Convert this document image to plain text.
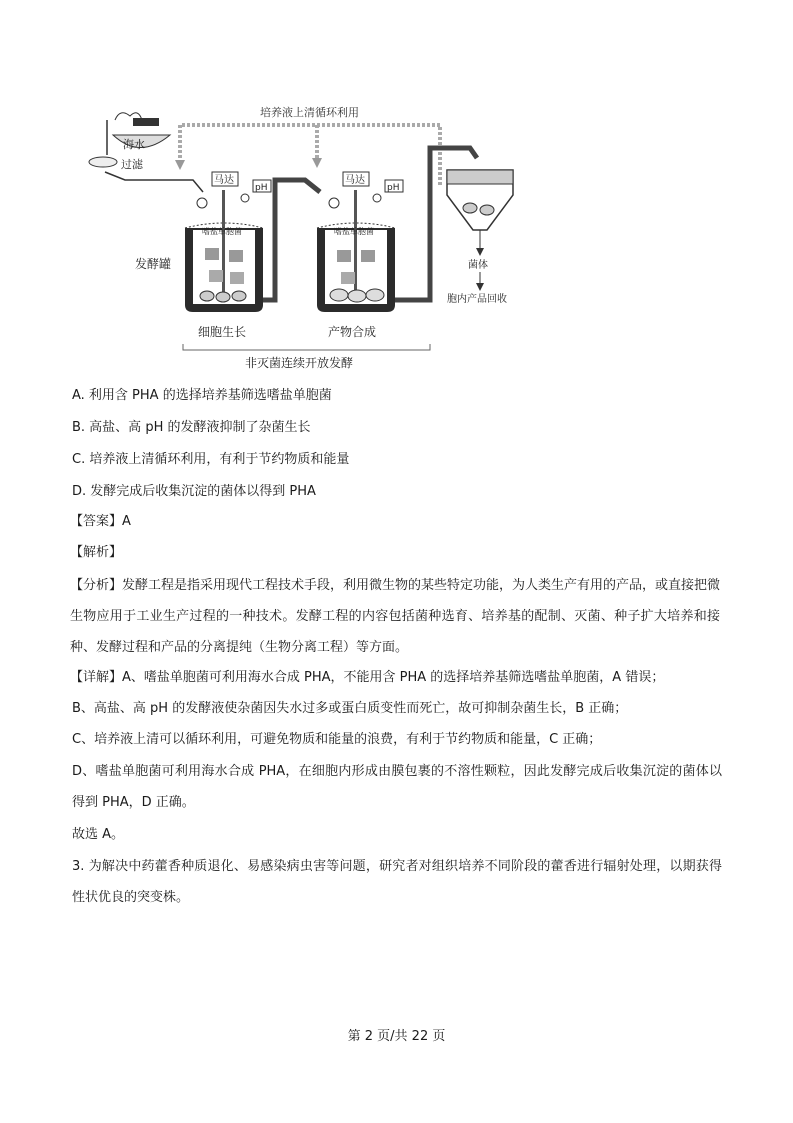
培养液上清循环利用
海水
过滤
马达
pH
嗜盐单胞菌
发酵罐
细胞生长
马达
pH
嗜盐单胞菌
产物合成
菌体
胞内产品回收
非灭菌连续开放发酵
A. 利用含 PHA 的选择培养基筛选嗜盐单胞菌
B. 高盐、高 pH 的发酵液抑制了杂菌生长
C. 培养液上清循环利用，有利于节约物质和能量
D. 发酵完成后收集沉淀的菌体以得到 PHA
【答案】A
【解析】
【分析】发酵工程是指采用现代工程技术手段，利用微生物的某些特定功能，为人类生产有用的产品，或直接把微生物应用于工业生产过程的一种技术。发酵工程的内容包括菌种选育、培养基的配制、灭菌、种子扩大培养和接种、发酵过程和产品的分离提纯（生物分离工程）等方面。
【详解】A、嗜盐单胞菌可利用海水合成 PHA，不能用含 PHA 的选择培养基筛选嗜盐单胞菌，A 错误；
B、高盐、高 pH 的发酵液使杂菌因失水过多或蛋白质变性而死亡，故可抑制杂菌生长，B 正确；
C、培养液上清可以循环利用，可避免物质和能量的浪费，有利于节约物质和能量，C 正确；
D、嗜盐单胞菌可利用海水合成 PHA，在细胞内形成由膜包裹的不溶性颗粒，因此发酵完成后收集沉淀的菌体以得到 PHA，D 正确。
故选 A。
3. 为解决中药藿香种质退化、易感染病虫害等问题，研究者对组织培养不同阶段的藿香进行辐射处理，以期获得性状优良的突变株。
第 2 页/共 22 页
